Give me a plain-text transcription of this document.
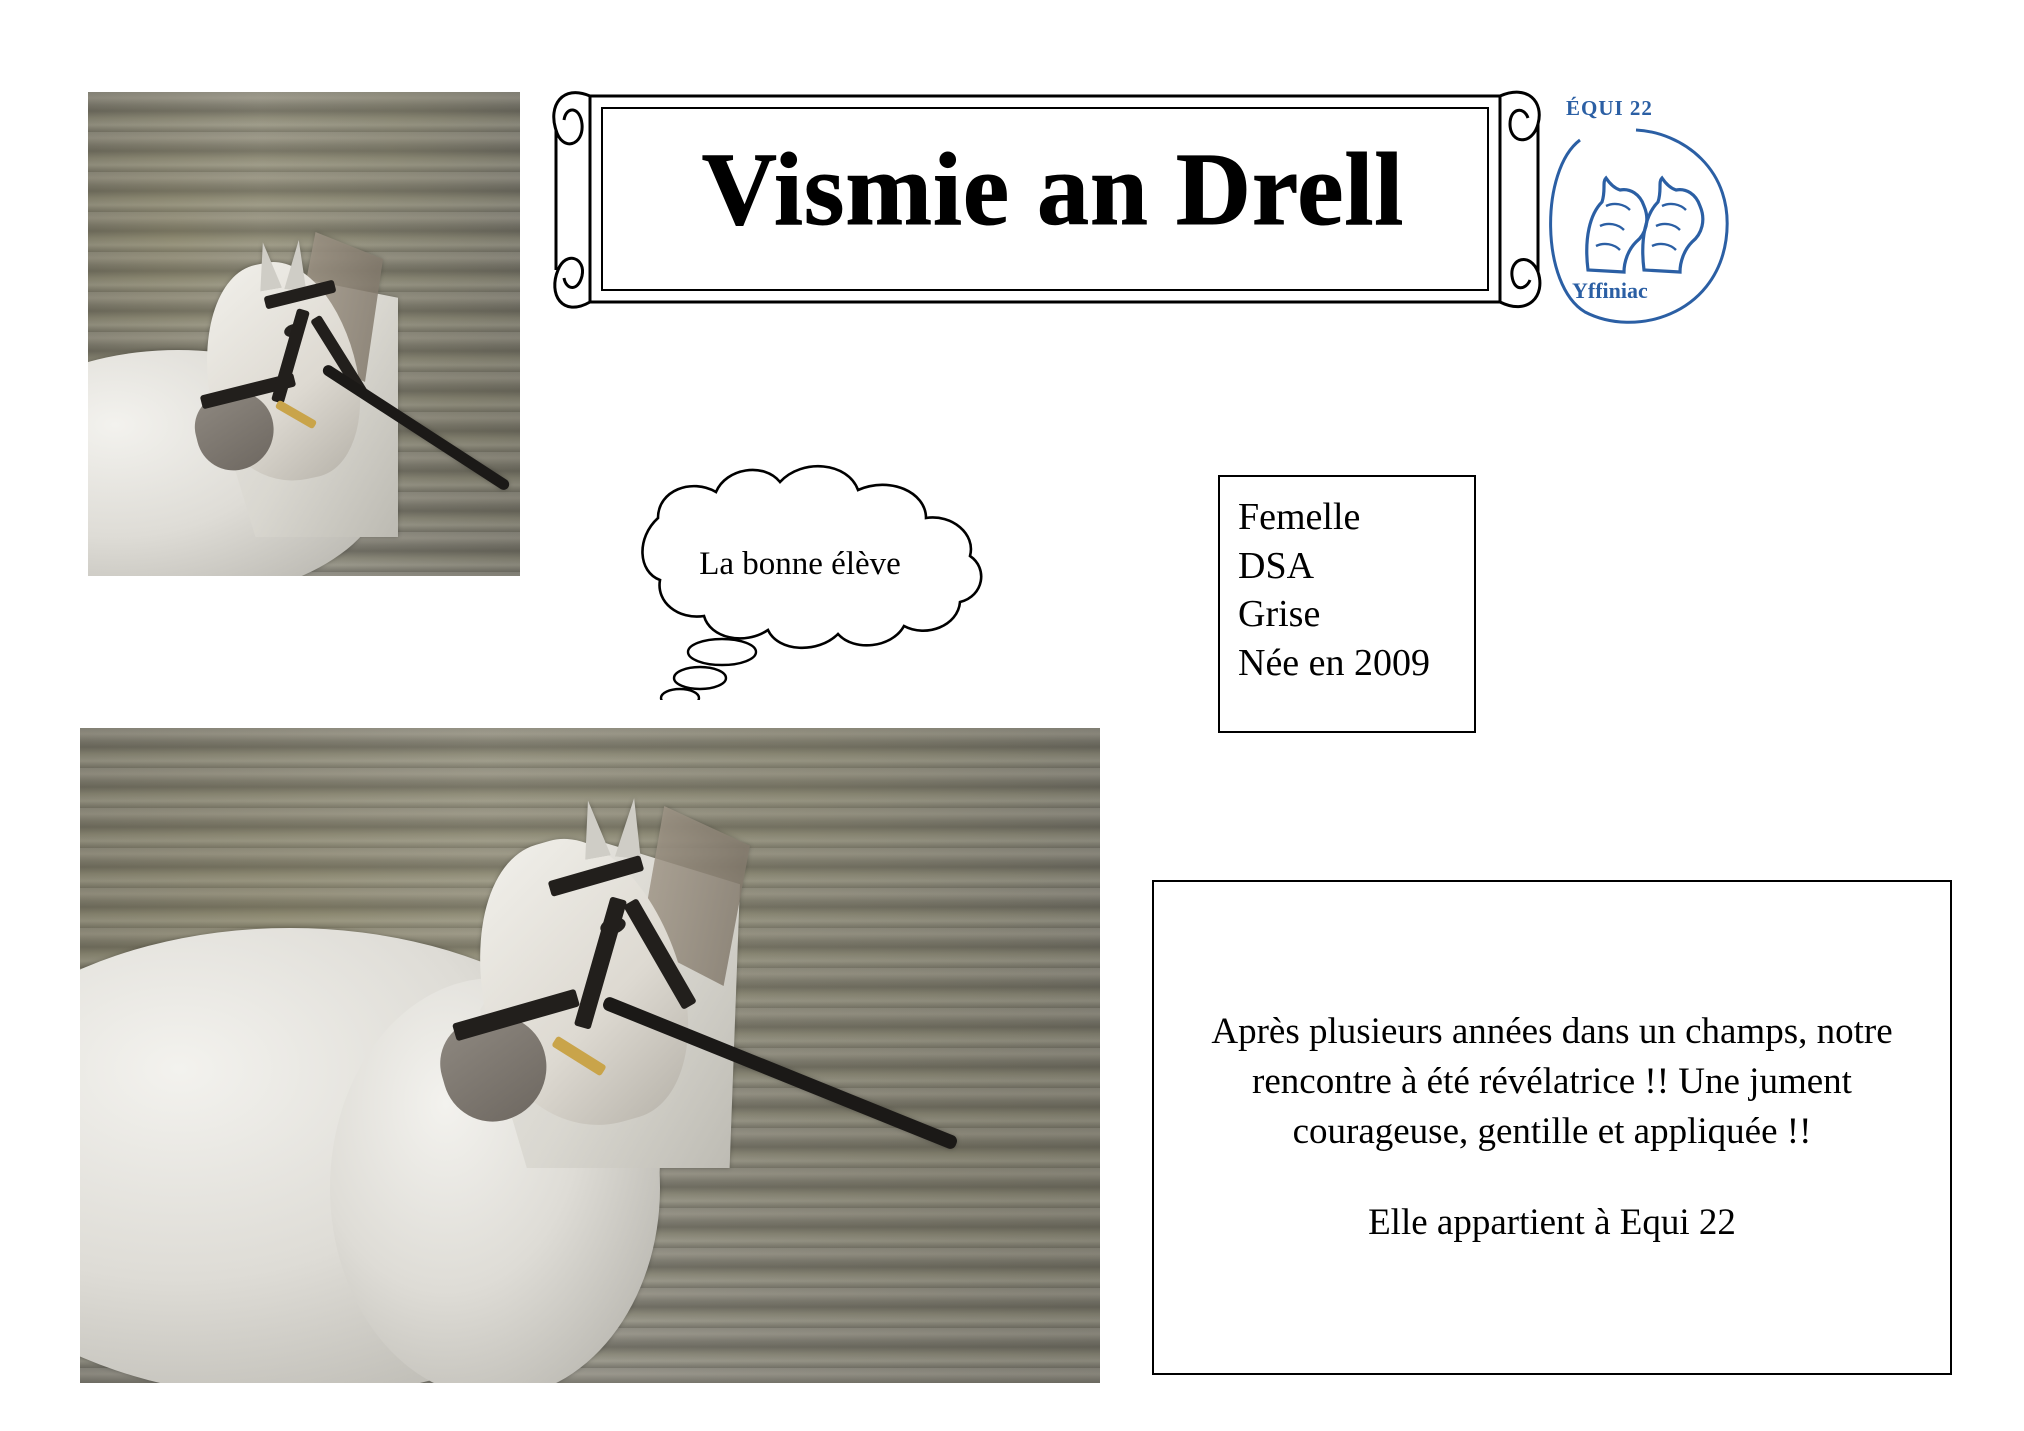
Vismie an Drell
ÉQUI 22
Yffiniac
La bonne élève
Femelle
DSA
Grise
Née en 2009
Après plusieurs années dans un champs, notre rencontre à été révélatrice !! Une jument courageuse, gentille et appliquée !!
Elle appartient à Equi 22
